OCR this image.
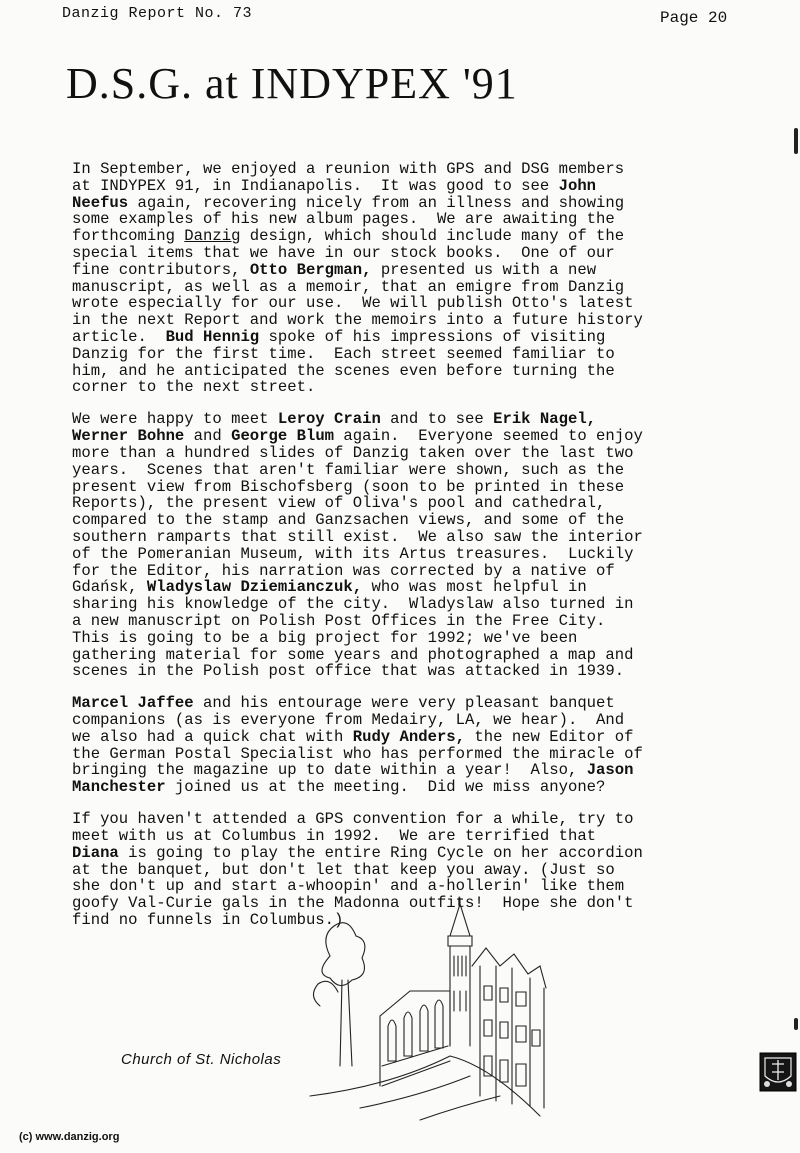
Danzig Report No. 73	Page 20
D.S.G. at INDYPEX '91
In September, we enjoyed a reunion with GPS and DSG members
at INDYPEX 91, in Indianapolis.  It was good to see John
Neefus again, recovering nicely from an illness and showing
some examples of his new album pages.  We are awaiting the
forthcoming Danzig design, which should include many of the
special items that we have in our stock books.  One of our
fine contributors, Otto Bergman, presented us with a new
manuscript, as well as a memoir, that an emigre from Danzig
wrote especially for our use.  We will publish Otto's latest
in the next Report and work the memoirs into a future history
article.  Bud Hennig spoke of his impressions of visiting
Danzig for the first time.  Each street seemed familiar to
him, and he anticipated the scenes even before turning the
corner to the next street.
We were happy to meet Leroy Crain and to see Erik Nagel,
Werner Bohne and George Blum again.  Everyone seemed to enjoy
more than a hundred slides of Danzig taken over the last two
years.  Scenes that aren't familiar were shown, such as the
present view from Bischofsberg (soon to be printed in these
Reports), the present view of Oliva's pool and cathedral,
compared to the stamp and Ganzsachen views, and some of the
southern ramparts that still exist.  We also saw the interior
of the Pomeranian Museum, with its Artus treasures.  Luckily
for the Editor, his narration was corrected by a native of
Gdańsk, Wladyslaw Dziemianczuk, who was most helpful in
sharing his knowledge of the city.  Wladyslaw also turned in
a new manuscript on Polish Post Offices in the Free City.
This is going to be a big project for 1992; we've been
gathering material for some years and photographed a map and
scenes in the Polish post office that was attacked in 1939.
Marcel Jaffee and his entourage were very pleasant banquet
companions (as is everyone from Medairy, LA, we hear).  And
we also had a quick chat with Rudy Anders, the new Editor of
the German Postal Specialist who has performed the miracle of
bringing the magazine up to date within a year!  Also, Jason
Manchester joined us at the meeting.  Did we miss anyone?
If you haven't attended a GPS convention for a while, try to
meet with us at Columbus in 1992.  We are terrified that
Diana is going to play the entire Ring Cycle on her accordion
at the banquet, but don't let that keep you away. (Just so
she don't up and start a-whoopin' and a-hollerin' like them
goofy Val-Curie gals in the Madonna outfits!  Hope she don't
find no funnels in Columbus.)
Church of St. Nicholas
(c) www.danzig.org
